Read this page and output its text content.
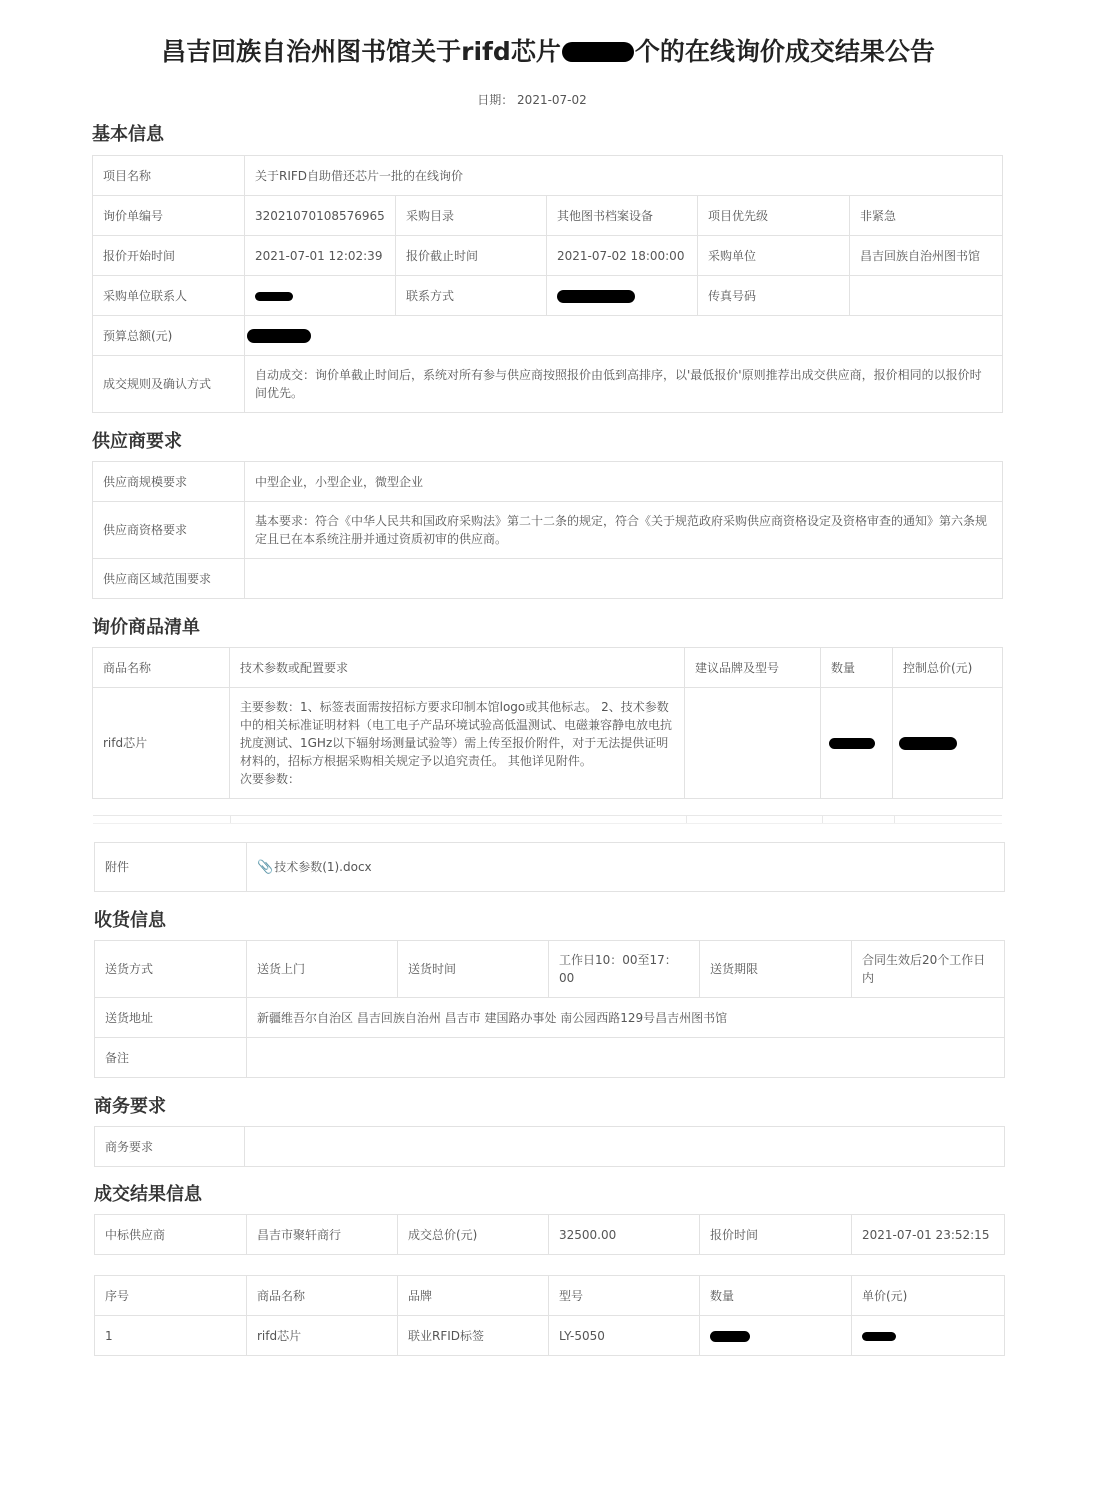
昌吉回族自治州图书馆关于rifd芯片	个的在线询价成交结果公告
日期： 2021-07-02
基本信息
项目名称	关于RIFD自助借还芯片一批的在线询价				
询价单编号	32021070108576965	采购目录	其他图书档案设备	项目优先级	非紧急
报价开始时间	2021-07-01 12:02:39	报价截止时间	2021-07-02 18:00:00	采购单位	昌吉回族自治州图书馆
采购单位联系人		联系方式		传真号码	
预算总额(元)					
成交规则及确认方式	自动成交：询价单截止时间后，系统对所有参与供应商按照报价由低到高排序，以'最低报价'原则推荐出成交供应商，报价相同的以报价时间优先。				
供应商要求
供应商规模要求	中型企业，小型企业，微型企业
供应商资格要求	基本要求：符合《中华人民共和国政府采购法》第二十二条的规定，符合《关于规范政府采购供应商资格设定及资格审查的通知》第六条规定且已在本系统注册并通过资质初审的供应商。
供应商区域范围要求	
询价商品清单
商品名称	技术参数或配置要求	建议品牌及型号	数量	控制总价(元)
rifd芯片	主要参数：1、标签表面需按招标方要求印制本馆logo或其他标志。 2、技术参数中的相关标准证明材料（电工电子产品环境试验高低温测试、电磁兼容静电放电抗扰度测试、1GHz以下辐射场测量试验等）需上传至报价附件，对于无法提供证明材料的，招标方根据采购相关规定予以追究责任。 其他详见附件。
次要参数：			

附件	📎技术参数(1).docx
收货信息
送货方式	送货上门	送货时间	工作日10：00至17：00	送货期限	合同生效后20个工作日内
送货地址	新疆维吾尔自治区 昌吉回族自治州 昌吉市 建国路办事处 南公园西路129号昌吉州图书馆				
备注					
商务要求
商务要求	
成交结果信息
中标供应商	昌吉市聚轩商行	成交总价(元)	32500.00	报价时间	2021-07-01 23:52:15
序号	商品名称	品牌	型号	数量	单价(元)
1	rifd芯片	联业RFID标签	LY-5050		
